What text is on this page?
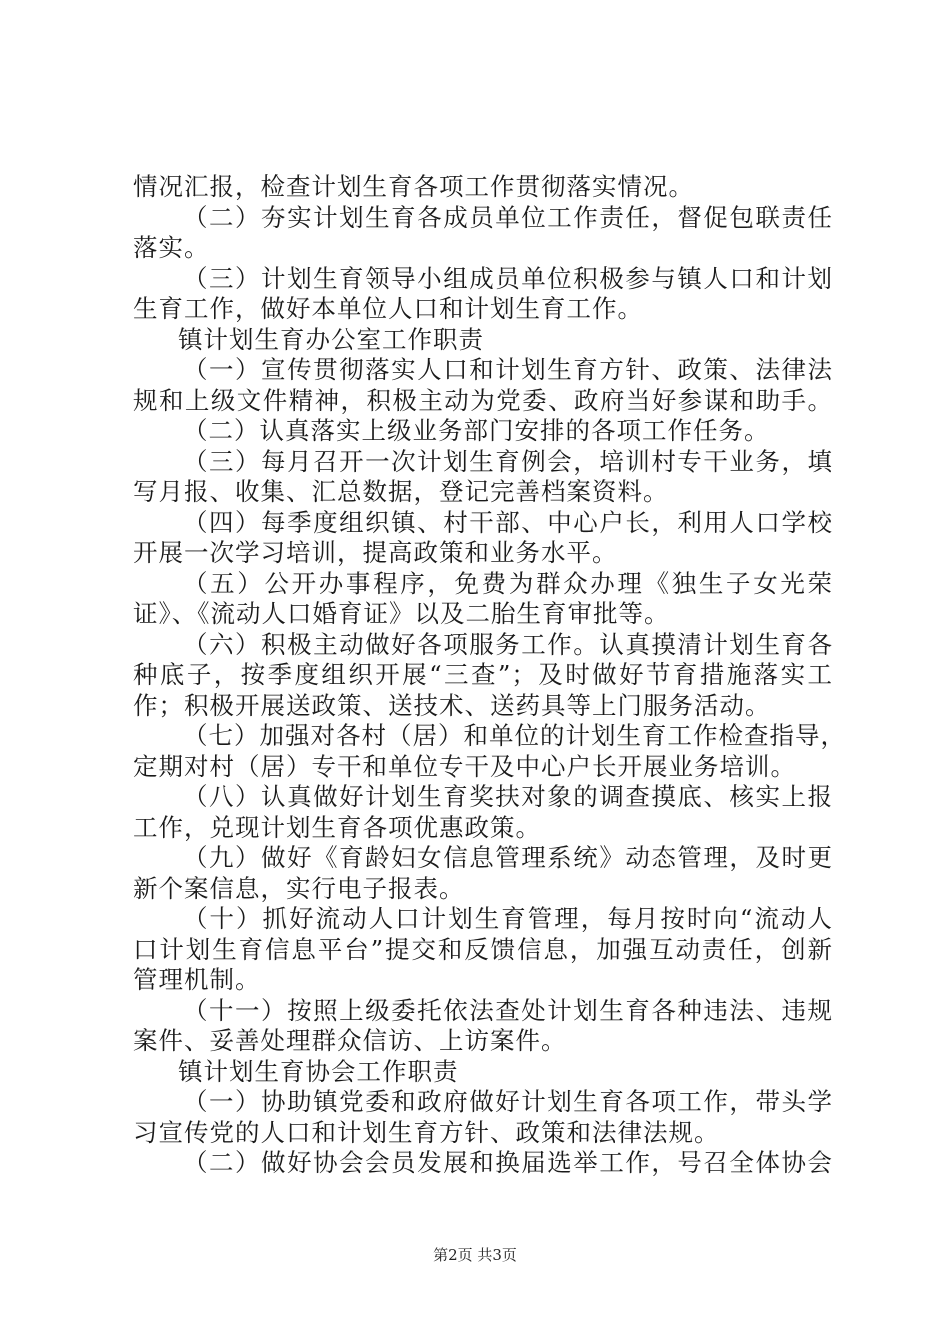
情况汇报，检查计划生育各项工作贯彻落实情况。
（二）夯实计划生育各成员单位工作责任，督促包联责任
落实。
（三）计划生育领导小组成员单位积极参与镇人口和计划
生育工作，做好本单位人口和计划生育工作。
镇计划生育办公室工作职责
（一）宣传贯彻落实人口和计划生育方针、政策、法律法
规和上级文件精神，积极主动为党委、政府当好参谋和助手。
（二）认真落实上级业务部门安排的各项工作任务。
（三）每月召开一次计划生育例会，培训村专干业务，填
写月报、收集、汇总数据，登记完善档案资料。
（四）每季度组织镇、村干部、中心户长，利用人口学校
开展一次学习培训，提高政策和业务水平。
（五）公开办事程序，免费为群众办理《独生子女光荣
证》、《流动人口婚育证》以及二胎生育审批等。
（六）积极主动做好各项服务工作。认真摸清计划生育各
种底子，按季度组织开展“三查”；及时做好节育措施落实工
作；积极开展送政策、送技术、送药具等上门服务活动。
（七）加强对各村（居）和单位的计划生育工作检查指导，
定期对村（居）专干和单位专干及中心户长开展业务培训。
（八）认真做好计划生育奖扶对象的调查摸底、核实上报
工作，兑现计划生育各项优惠政策。
（九）做好《育龄妇女信息管理系统》动态管理，及时更
新个案信息，实行电子报表。
（十）抓好流动人口计划生育管理，每月按时向“流动人
口计划生育信息平台”提交和反馈信息，加强互动责任，创新
管理机制。
（十一）按照上级委托依法查处计划生育各种违法、违规
案件、妥善处理群众信访、上访案件。
镇计划生育协会工作职责
（一）协助镇党委和政府做好计划生育各项工作，带头学
习宣传党的人口和计划生育方针、政策和法律法规。
（二）做好协会会员发展和换届选举工作，号召全体协会
第2页 共3页
